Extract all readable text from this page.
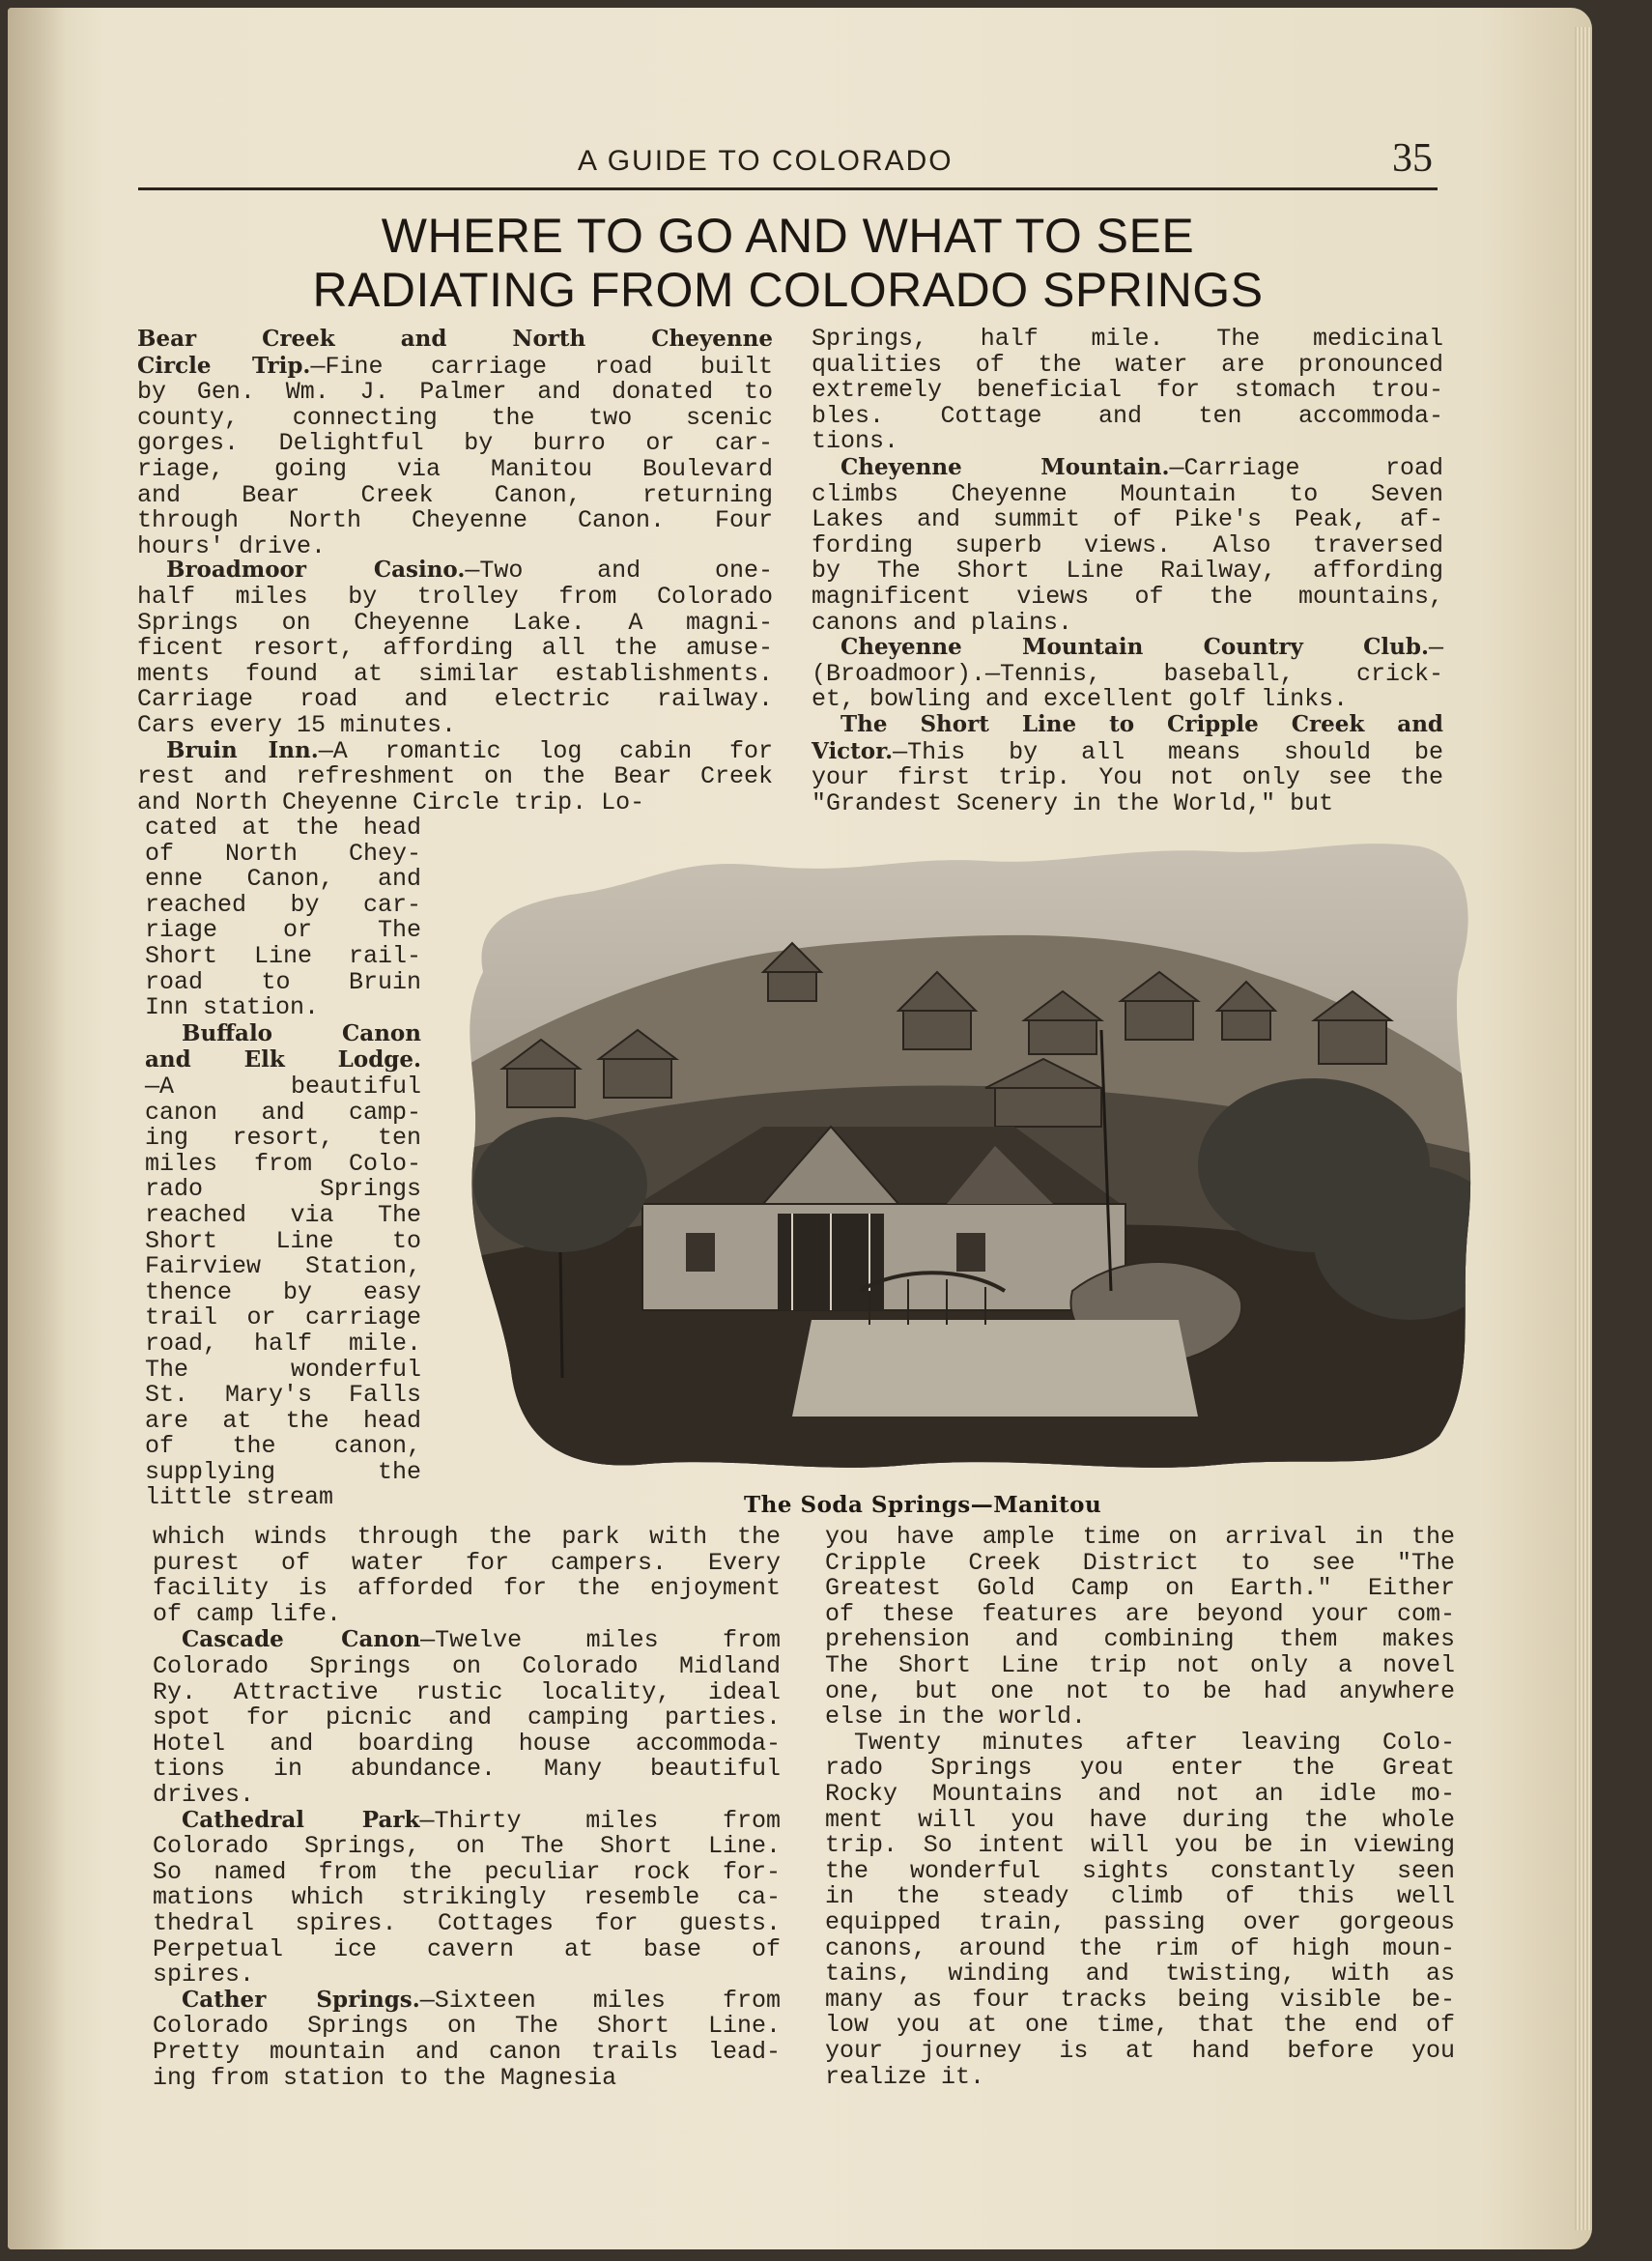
A GUIDE TO COLORADO	35
WHERE TO GO AND WHAT TO SEE
RADIATING FROM COLORADO SPRINGS
Bear Creek and North Cheyenne
Circle Trip.—Fine carriage road built
by Gen. Wm. J. Palmer and donated to
county, connecting the two scenic
gorges. Delightful by burro or car-
riage, going via Manitou Boulevard
and Bear Creek Canon, returning
through North Cheyenne Canon. Four
hours' drive.
Broadmoor Casino.—Two and one-
half miles by trolley from Colorado
Springs on Cheyenne Lake. A magni-
ficent resort, affording all the amuse-
ments found at similar establishments.
Carriage road and electric railway.
Cars every 15 minutes.
Bruin Inn.—A romantic log cabin for
rest and refreshment on the Bear Creek
and North Cheyenne Circle trip. Lo-
cated at the head
of North Chey-
enne Canon, and
reached by car-
riage or The
Short Line rail-
road to Bruin
Inn station.
Buffalo Canon
and Elk Lodge.
—A beautiful
canon and camp-
ing resort, ten
miles from Colo-
rado Springs
reached via The
Short Line to
Fairview Station,
thence by easy
trail or carriage
road, half mile.
The wonderful
St. Mary's Falls
are at the head
of the canon,
supplying the
little stream
Springs, half mile. The medicinal
qualities of the water are pronounced
extremely beneficial for stomach trou-
bles. Cottage and ten accommoda-
tions.
Cheyenne Mountain.—Carriage road
climbs Cheyenne Mountain to Seven
Lakes and summit of Pike's Peak, af-
fording superb views. Also traversed
by The Short Line Railway, affording
magnificent views of the mountains,
canons and plains.
Cheyenne Mountain Country Club.—
(Broadmoor).—Tennis, baseball, crick-
et, bowling and excellent golf links.
The Short Line to Cripple Creek and
Victor.—This by all means should be
your first trip. You not only see the
"Grandest Scenery in the World," but
which winds through the park with the
purest of water for campers. Every
facility is afforded for the enjoyment
of camp life.
Cascade Canon—Twelve miles from
Colorado Springs on Colorado Midland
Ry. Attractive rustic locality, ideal
spot for picnic and camping parties.
Hotel and boarding house accommoda-
tions in abundance. Many beautiful
drives.
Cathedral Park—Thirty miles from
Colorado Springs, on The Short Line.
So named from the peculiar rock for-
mations which strikingly resemble ca-
thedral spires. Cottages for guests.
Perpetual ice cavern at base of
spires.
Cather Springs.—Sixteen miles from
Colorado Springs on The Short Line.
Pretty mountain and canon trails lead-
ing from station to the Magnesia
you have ample time on arrival in the
Cripple Creek District to see "The
Greatest Gold Camp on Earth." Either
of these features are beyond your com-
prehension and combining them makes
The Short Line trip not only a novel
one, but one not to be had anywhere
else in the world.
Twenty minutes after leaving Colo-
rado Springs you enter the Great
Rocky Mountains and not an idle mo-
ment will you have during the whole
trip. So intent will you be in viewing
the wonderful sights constantly seen
in the steady climb of this well
equipped train, passing over gorgeous
canons, around the rim of high moun-
tains, winding and twisting, with as
many as four tracks being visible be-
low you at one time, that the end of
your journey is at hand before you
realize it.
The Soda Springs—Manitou
